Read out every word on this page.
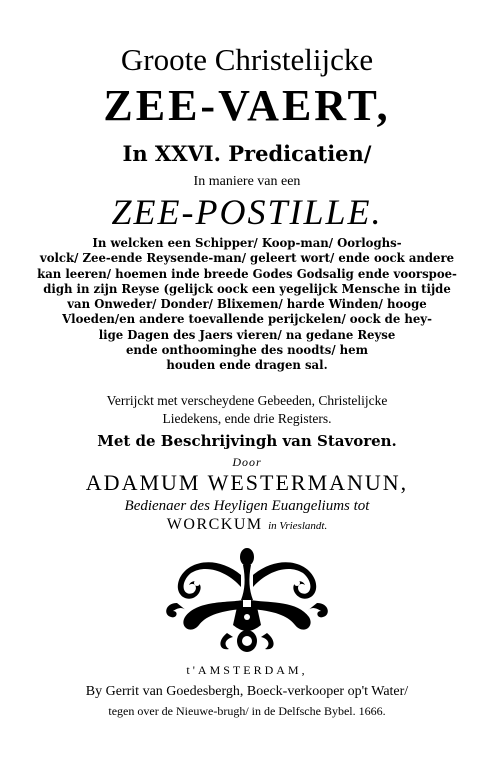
Groote Christelijcke
ZEE-VAERT,
In XXVI. Predicatien/
In maniere van een
ZEE-POSTILLE.
In welcken een Schipper/ Koop-man/ Oorloghs-
volck/ Zee-ende Reysende-man/ geleert wort/ ende oock andere
kan leeren/ hoemen inde breede Godes Godsalig ende voorspoe-
digh in zijn Reyse (gelijck oock een yegelijck Mensche in tijde
van Onweder/ Donder/ Blixemen/ harde Winden/ hooge
Vloeden/en andere toevallende perijckelen/ oock de hey-
lige Dagen des Jaers vieren/ na gedane Reyse
ende onthoominghe des noodts/ hem
houden ende dragen sal.
Verrijckt met verscheydene Gebeeden, Christelijcke
Liedekens, ende drie Registers.
Met de Beschrijvingh van Stavoren.
Door
ADAMUM WESTERMANUN,
Bedienaer des Heyligen Euangeliums tot
WORCKUM in Vrieslandt.
t'AMSTERDAM,
By Gerrit van Goedesbergh, Boeck-verkooper op't Water/
tegen over de Nieuwe-brugh/ in de Delfsche Bybel. 1666.
